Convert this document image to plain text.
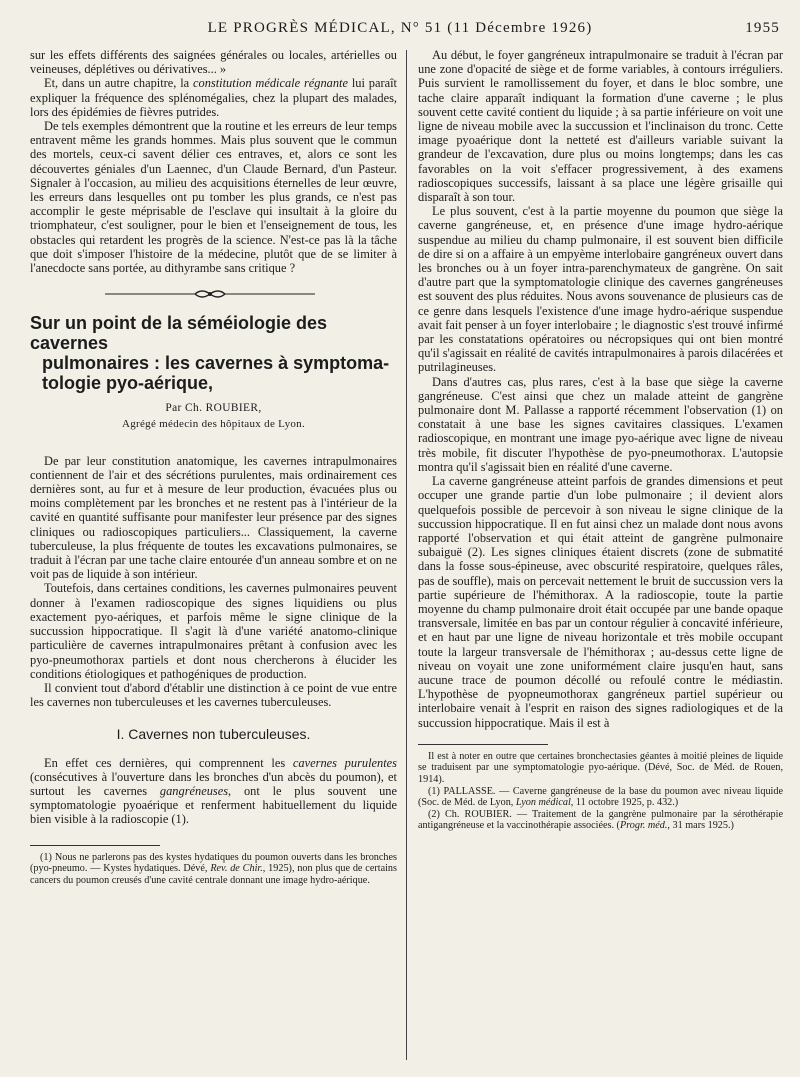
LE PROGRÈS MÉDICAL, N° 51 (11 Décembre 1926)	1955

sur les effets différents des saignées générales ou locales, artérielles ou veineuses, déplétives ou dérivatives... »

Et, dans un autre chapitre, la constitution médicale régnante lui paraît expliquer la fréquence des splénomégalies, chez la plupart des malades, lors des épidémies de fièvres putrides.

De tels exemples démontrent que la routine et les erreurs de leur temps entravent même les grands hommes. Mais plus souvent que le commun des mortels, ceux-ci savent délier ces entraves, et, alors ce sont les découvertes géniales d'un Laennec, d'un Claude Bernard, d'un Pasteur. Signaler à l'occasion, au milieu des acquisitions éternelles de leur œuvre, les erreurs dans lesquelles ont pu tomber les plus grands, ce n'est pas accomplir le geste méprisable de l'esclave qui insultait à la gloire du triomphateur, c'est souligner, pour le bien et l'enseignement de tous, les obstacles qui retardent les progrès de la science. N'est-ce pas là la tâche que doit s'imposer l'histoire de la médecine, plutôt que de se limiter à l'anecdocte sans portée, au dithyrambe sans critique ?

Sur un point de la séméiologie des cavernes
pulmonaires : les cavernes à symptoma-
tologie pyo-aérique,
Par Ch. ROUBIER,
Agrégé médecin des hôpitaux de Lyon.

De par leur constitution anatomique, les cavernes intrapulmonaires contiennent de l'air et des sécrétions purulentes, mais ordinairement ces dernières sont, au fur et à mesure de leur production, évacuées plus ou moins complètement par les bronches et ne restent pas à l'intérieur de la cavité en quantité suffisante pour manifester leur présence par des signes cliniques ou radioscopiques particuliers... Classiquement, la caverne tuberculeuse, la plus fréquente de toutes les excavations pulmonaires, se traduit à l'écran par une tache claire entourée d'un anneau sombre et on ne voit pas de liquide à son intérieur.

Toutefois, dans certaines conditions, les cavernes pulmonaires peuvent donner à l'examen radioscopique des signes liquidiens ou plus exactement pyo-aériques, et parfois même le signe clinique de la succussion hippocratique. Il s'agit là d'une variété anatomo-clinique particulière de cavernes intrapulmonaires prêtant à confusion avec les pyo-pneumothorax partiels et dont nous chercherons à élucider les conditions étiologiques et pathogéniques de production.

Il convient tout d'abord d'établir une distinction à ce point de vue entre les cavernes non tuberculeuses et les cavernes tuberculeuses.

I. Cavernes non tuberculeuses.

En effet ces dernières, qui comprennent les cavernes purulentes (consécutives à l'ouverture dans les bronches d'un abcès du poumon), et surtout les cavernes gangréneuses, ont le plus souvent une symptomatologie pyoaérique et renferment habituellement du liquide bien visible à la radioscopie (1).

(1) Nous ne parlerons pas des kystes hydatiques du poumon ouverts dans les bronches (pyo-pneumo. — Kystes hydatiques. Dévé, Rev. de Chir., 1925), non plus que de certains cancers du poumon creusés d'une cavité centrale donnant une image hydro-aérique.

Au début, le foyer gangréneux intrapulmonaire se traduit à l'écran par une zone d'opacité de siège et de forme variables, à contours irréguliers. Puis survient le ramollissement du foyer, et dans le bloc sombre, une tache claire apparaît indiquant la formation d'une caverne ; le plus souvent cette cavité contient du liquide ; à sa partie inférieure on voit une ligne de niveau mobile avec la succussion et l'inclinaison du tronc. Cette image pyoaérique dont la netteté est d'ailleurs variable suivant la grandeur de l'excavation, dure plus ou moins longtemps; dans les cas favorables on la voit s'effacer progressivement, à des examens radioscopiques successifs, laissant à sa place une légère grisaille qui disparaît à son tour.

Le plus souvent, c'est à la partie moyenne du poumon que siège la caverne gangréneuse, et, en présence d'une image hydro-aérique suspendue au milieu du champ pulmonaire, il est souvent bien difficile de dire si on a affaire à un empyème interlobaire gangréneux ouvert dans les bronches ou à un foyer intra-parenchymateux de gangrène. On sait d'autre part que la symptomatologie clinique des cavernes gangréneuses est souvent des plus réduites. Nous avons souvenance de plusieurs cas de ce genre dans lesquels l'existence d'une image hydro-aérique suspendue avait fait penser à un foyer interlobaire ; le diagnostic s'est trouvé infirmé par les constatations opératoires ou nécropsiques qui ont bien montré qu'il s'agissait en réalité de cavités intrapulmonaires à parois dilacérées et putrilagineuses.

Dans d'autres cas, plus rares, c'est à la base que siège la caverne gangréneuse. C'est ainsi que chez un malade atteint de gangrène pulmonaire dont M. Pallasse a rapporté récemment l'observation (1) on constatait à une base les signes cavitaires classiques. L'examen radioscopique, en montrant une image pyo-aérique avec ligne de niveau très mobile, fit discuter l'hypothèse de pyo-pneumothorax. L'autopsie montra qu'il s'agissait bien en réalité d'une caverne.

La caverne gangréneuse atteint parfois de grandes dimensions et peut occuper une grande partie d'un lobe pulmonaire ; il devient alors quelquefois possible de percevoir à son niveau le signe clinique de la succussion hippocratique. Il en fut ainsi chez un malade dont nous avons rapporté l'observation et qui était atteint de gangrène pulmonaire subaiguë (2). Les signes cliniques étaient discrets (zone de submatité dans la fosse sous-épineuse, avec obscurité respiratoire, quelques râles, pas de souffle), mais on percevait nettement le bruit de succussion vers la partie supérieure de l'hémithorax. A la radioscopie, toute la partie moyenne du champ pulmonaire droit était occupée par une bande opaque transversale, limitée en bas par un contour régulier à concavité inférieure, et en haut par une ligne de niveau horizontale et très mobile occupant toute la largeur transversale de l'hémithorax ; au-dessus cette ligne de niveau on voyait une zone uniformément claire jusqu'en haut, sans aucune trace de poumon décollé ou refoulé contre le médiastin. L'hypothèse de pyopneumothorax gangréneux partiel supérieur ou interlobaire venait à l'esprit en raison des signes radiologiques et de la succussion hippocratique. Mais il est à

Il est à noter en outre que certaines bronchectasies géantes à moitié pleines de liquide se traduisent par une symptomatologie pyo-aérique. (Dévé, Soc. de Méd. de Rouen, 1914).

(1) PALLASSE. — Caverne gangréneuse de la base du poumon avec niveau liquide (Soc. de Méd. de Lyon, Lyon médical, 11 octobre 1925, p. 432.)

(2) Ch. ROUBIER. — Traitement de la gangrène pulmonaire par la sérothérapie antigangréneuse et la vaccinothérapie associées. (Progr. méd., 31 mars 1925.)
